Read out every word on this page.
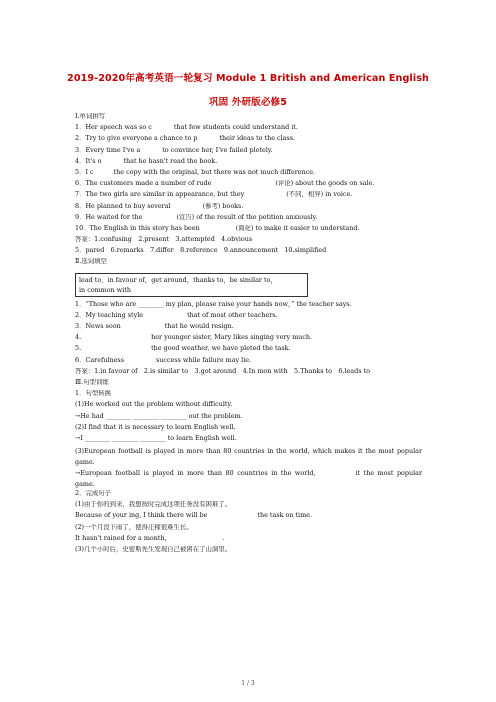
2019-2020年高考英语一轮复习 Module 1 British and American English
巩固 外研版必修5
Ⅰ.单词拼写
1．Her speech was so c	that few students could understand it.
2．Try to give everyone a chance to p	their ideas to the class.
3．Every time I've a	to convince her, I've failed pletely.
4．It's o	that he hasn't read the book.
5．I c	the copy with the original, but there was not much difference.
6．The customers made a number of rude	(评论) about the goods on sale.
7．The two girls are similar in appearance, but they	(不同，相异) in voice.
8．He planned to buy several	(参考) books.
9．He waited for the	(宣告) of the result of the petition anxiously.
10．The English in this story has been	(简化) to make it easier to understand.
答案：1.confusing　2.present　3.attempted　4.obvious
5．pared　6.remarks　7.differ　8.reference　9.announcement　10.simplified
Ⅱ.选词填空
lead to，in favour of，get around，thanks to，be similar to，
in common with
1．“Those who are ________ my plan, please raise your hands now，” the teacher says.
2．My teaching style	that of most other teachers.
3．News soon	that he would resign.
4.	her younger sister, Mary likes singing very much.
5.	the good weather, we have pleted the task.
6．Carefulness	success while failure may lie.
答案：1.in favour of　2.is similar to　3.got around　4.In mon with　5.Thanks to　6.leads to
Ⅲ.句型训练
1．句型转换
(1)He worked out the problem without difficulty.
→He had ________ ________ ________ out the problem.
(2)I find that it is necessary to learn English well.
→I ________ ________ ________ to learn English well.
(3)European football is played in more than 80 countries in the world, which makes it the most popular game.
→European football is played in more than 80 countries in the world,	it the most popular game.
2．完成句子
(1)由于你的到来，我想按时完成这项任务没有困难了。
Because of your ing, I think there will be	the task on time.
(2)一个月没下雨了，使得庄稼很难生长。
It hasn't rained for a month,	.
(3)几个小时后，史密斯先生发现自己被困在了山洞里。
1 / 3
